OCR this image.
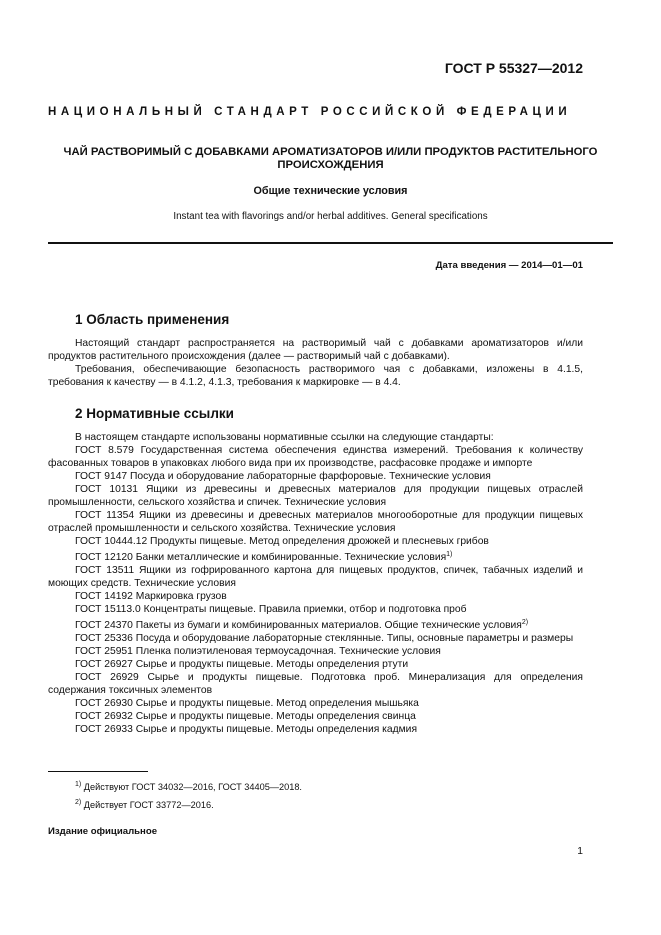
ГОСТ Р 55327—2012
НАЦИОНАЛЬНЫЙ СТАНДАРТ РОССИЙСКОЙ ФЕДЕРАЦИИ
ЧАЙ РАСТВОРИМЫЙ С ДОБАВКАМИ АРОМАТИЗАТОРОВ И/ИЛИ ПРОДУКТОВ РАСТИТЕЛЬНОГО
ПРОИСХОЖДЕНИЯ
Общие технические условия
Instant tea with flavorings and/or herbal additives. General specifications
Дата введения — 2014—01—01
1 Область применения

Настоящий стандарт распространяется на растворимый чай с добавками ароматизаторов и/или продуктов растительного происхождения (далее — растворимый чай с добавками).

Требования, обеспечивающие безопасность растворимого чая с добавками, изложены в 4.1.5, требования к качеству — в 4.1.2, 4.1.3, требования к маркировке — в 4.4.

2 Нормативные ссылки

В настоящем стандарте использованы нормативные ссылки на следующие стандарты:

ГОСТ 8.579 Государственная система обеспечения единства измерений. Требования к количеству фасованных товаров в упаковках любого вида при их производстве, расфасовке продаже и импорте

ГОСТ 9147 Посуда и оборудование лабораторные фарфоровые. Технические условия

ГОСТ 10131 Ящики из древесины и древесных материалов для продукции пищевых отраслей промышленности, сельского хозяйства и спичек. Технические условия

ГОСТ 11354 Ящики из древесины и древесных материалов многооборотные для продукции пищевых отраслей промышленности и сельского хозяйства. Технические условия

ГОСТ 10444.12 Продукты пищевые. Метод определения дрожжей и плесневых грибов

ГОСТ 12120 Банки металлические и комбинированные. Технические условия$^{1)}$

ГОСТ 13511 Ящики из гофрированного картона для пищевых продуктов, спичек, табачных изделий и моющих средств. Технические условия

ГОСТ 14192 Маркировка грузов

ГОСТ 15113.0 Концентраты пищевые. Правила приемки, отбор и подготовка проб

ГОСТ 24370 Пакеты из бумаги и комбинированных материалов. Общие технические условия$^{2)}$

ГОСТ 25336 Посуда и оборудование лабораторные стеклянные. Типы, основные параметры и размеры

ГОСТ 25951 Пленка полиэтиленовая термоусадочная. Технические условия

ГОСТ 26927 Сырье и продукты пищевые. Методы определения ртути

ГОСТ 26929 Сырье и продукты пищевые. Подготовка проб. Минерализация для определения содержания токсичных элементов

ГОСТ 26930 Сырье и продукты пищевые. Метод определения мышьяка

ГОСТ 26932 Сырье и продукты пищевые. Методы определения свинца

ГОСТ 26933 Сырье и продукты пищевые. Методы определения кадмия

$^{1)}$ Действуют ГОСТ 34032—2016, ГОСТ 34405—2018.
$^{2)}$ Действует ГОСТ 33772—2016.
Издание официальное
1
